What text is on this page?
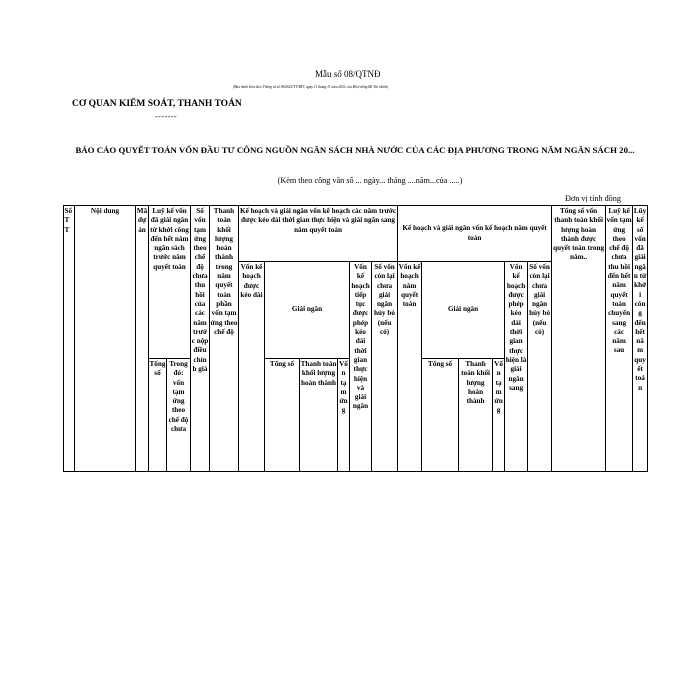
Mẫu số 08/QTNĐ
(Ban hành kèm theo Thông tư số 96/2021/TT-BTC ngày 11 tháng 11 năm 2021 của Bộ trưởng Bộ Tài chính)
CƠ QUAN KIỂM SOÁT, THANH TOÁN
-------
BÁO CÁO QUYẾT TOÁN VỐN ĐẦU TƯ CÔNG NGUỒN NGÂN SÁCH NHÀ NƯỚC CỦA CÁC ĐỊA PHƯƠNG TRONG NĂM NGÂN SÁCH 20...
(Kèm theo công văn số ... ngày... tháng ....năm...của .....)
Đơn vị tính đồng
Số TT	Nội dung	Mã dự án	Luỹ kế vốn đã giải ngân từ khởi công đến hết năm ngân sách trước năm quyết toán		Số vốn tạm ứng theo chế độ chưa thu hồi của các năm trước nộp điều chỉnh giả	Thanh toán khối lượng hoàn thành trong năm quyết toán phần vốn tạm ứng theo chế độ	Kế hoạch và giải ngân vốn kế hoạch các năm trước được kéo dài thời gian thực hiện và giải ngân sang năm quyết toán						Kế hoạch và giải ngân vốn kế hoạch năm quyết toán						Tổng số vốn thanh toán khối lượng hoàn thành được quyết toán trong năm..	Luỹ kế vốn tạm ứng theo chế độ chưa thu hồi đến hết năm quyết toán chuyển sang các năm sau	Lũy kế số vốn đã giải ngân từ khởi công đến hết năm quyết toán
							Vốn kế hoạch được kéo dài	Giải ngân			Vốn kế hoạch tiếp tục được phép kéo dài thời gian thực hiện và giải ngân	Số vốn còn lại chưa giải ngân hủy bỏ (nếu có)	Vốn kế hoạch năm quyết toán	Giải ngân			Vốn kế hoạch được phép kéo dài thời gian thực hiện là giải ngân sang	Số vốn còn lại chưa giải ngân hủy bỏ (nếu có)			
			Tổng số	Trong đó: vốn tạm ứng theo chế độ chưa				Tổng số	Thanh toán khối lượng hoàn thành	Vốn tạm ứng				Tổng số	Thanh toán khối lượng hoàn thành	Vốn tạm ứng					
